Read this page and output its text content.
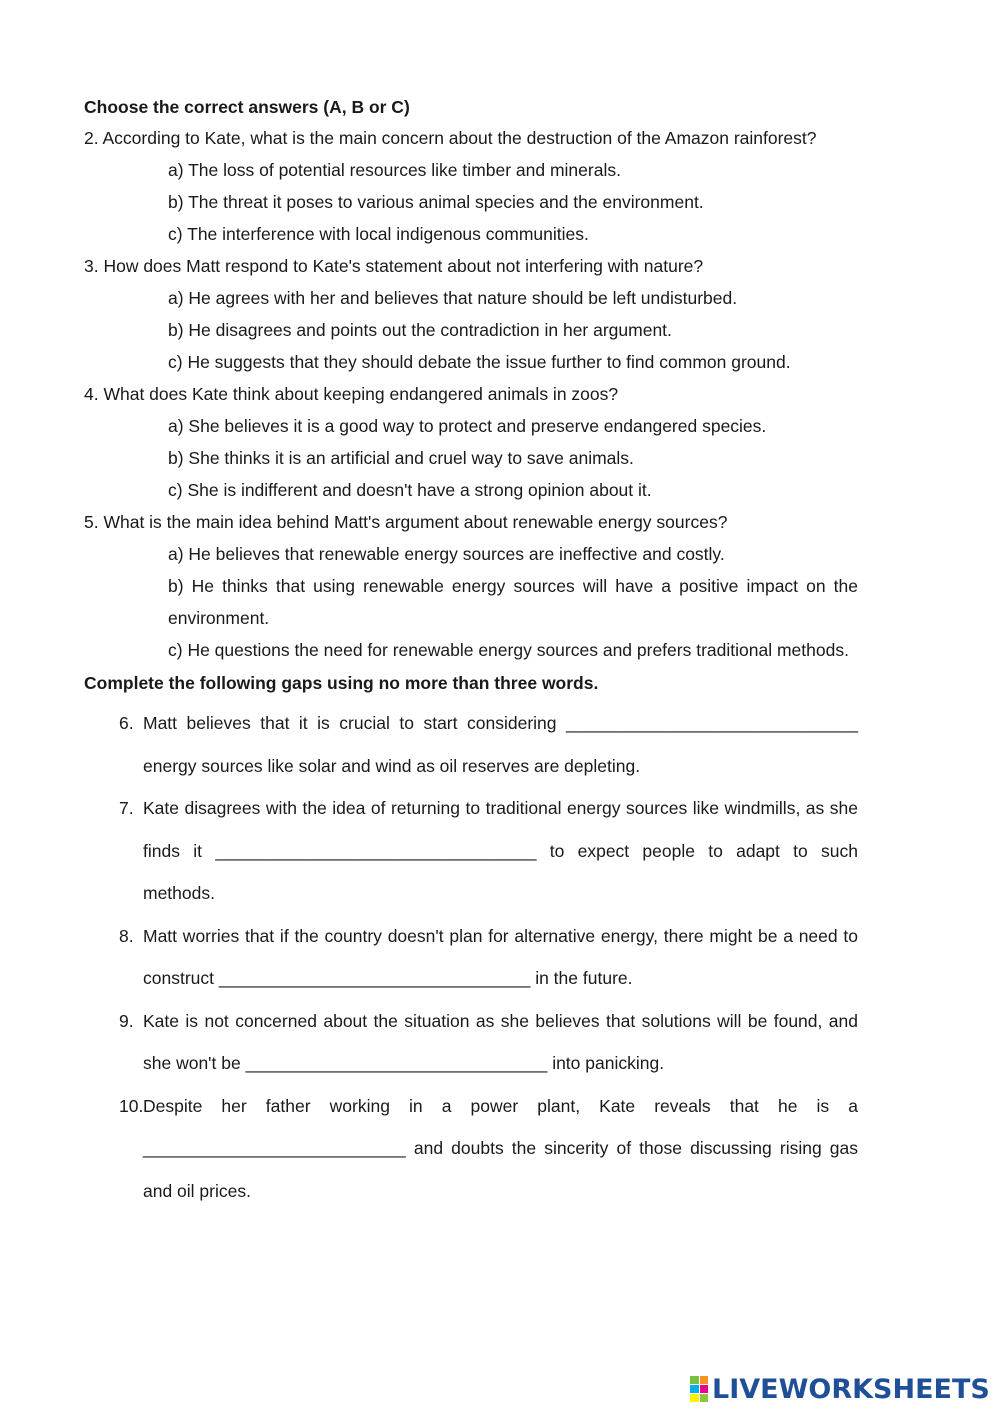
Choose the correct answers (A, B or C)

2. According to Kate, what is the main concern about the destruction of the Amazon rainforest?

a) The loss of potential resources like timber and minerals.

b) The threat it poses to various animal species and the environment.

c) The interference with local indigenous communities.

3. How does Matt respond to Kate's statement about not interfering with nature?

a) He agrees with her and believes that nature should be left undisturbed.

b) He disagrees and points out the contradiction in her argument.

c) He suggests that they should debate the issue further to find common ground.

4. What does Kate think about keeping endangered animals in zoos?

a) She believes it is a good way to protect and preserve endangered species.

b) She thinks it is an artificial and cruel way to save animals.

c) She is indifferent and doesn't have a strong opinion about it.

5. What is the main idea behind Matt's argument about renewable energy sources?

a) He believes that renewable energy sources are ineffective and costly.

b) He thinks that using renewable energy sources will have a positive impact on the environment.

c) He questions the need for renewable energy sources and prefers traditional methods.

Complete the following gaps using no more than three words.

6. Matt believes that it is crucial to start considering ______________________________ energy sources like solar and wind as oil reserves are depleting.

7. Kate disagrees with the idea of returning to traditional energy sources like windmills, as she finds it _________________________________ to expect people to adapt to such methods.

8. Matt worries that if the country doesn't plan for alternative energy, there might be a need to construct ________________________________ in the future.

9. Kate is not concerned about the situation as she believes that solutions will be found, and she won't be _______________________________ into panicking.

10. Despite her father working in a power plant, Kate reveals that he is a ___________________________ and doubts the sincerity of those discussing rising gas and oil prices.

LIVEWORKSHEETS
